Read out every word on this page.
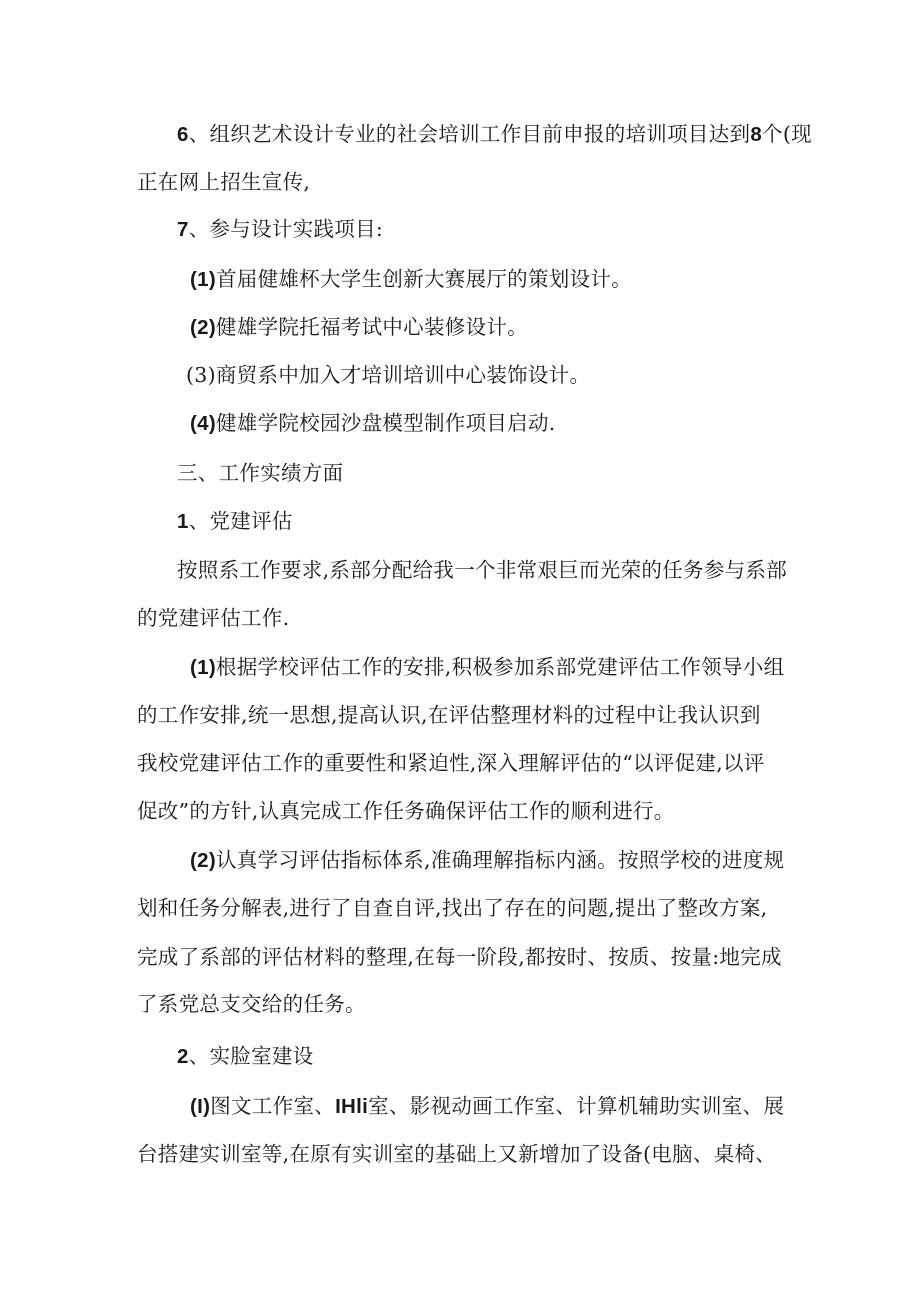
6、组织艺术设计专业的社会培训工作目前申报的培训项目达到8个(现
正在网上招生宣传,
7、参与设计实践项目:
(1)首届健雄杯大学生创新大赛展厅的策划设计。
(2)健雄学院托福考试中心装修设计。
(3)商贸系中加入才培训培训中心装饰设计。
(4)健雄学院校园沙盘模型制作项目启动.
三、工作实绩方面
1、党建评估
按照系工作要求,系部分配给我一个非常艰巨而光荣的任务参与系部
的党建评估工作.
(1)根据学校评估工作的安排,积极参加系部党建评估工作领导小组
的工作安排,统一思想,提高认识,在评估整理材料的过程中让我认识到
我校党建评估工作的重要性和紧迫性,深入理解评估的“以评促建,以评
促改”的方针,认真完成工作任务确保评估工作的顺利进行。
(2)认真学习评估指标体系,准确理解指标内涵。按照学校的进度规
划和任务分解表,进行了自查自评,找出了存在的问题,提出了整改方案,
完成了系部的评估材料的整理,在每一阶段,都按时、按质、按量:地完成
了系党总支交给的任务。
2、实脸室建设
(I)图文工作室、IHli室、影视动画工作室、计算机辅助实训室、展
台搭建实训室等,在原有实训室的基础上又新增加了设备(电脑、桌椅、
